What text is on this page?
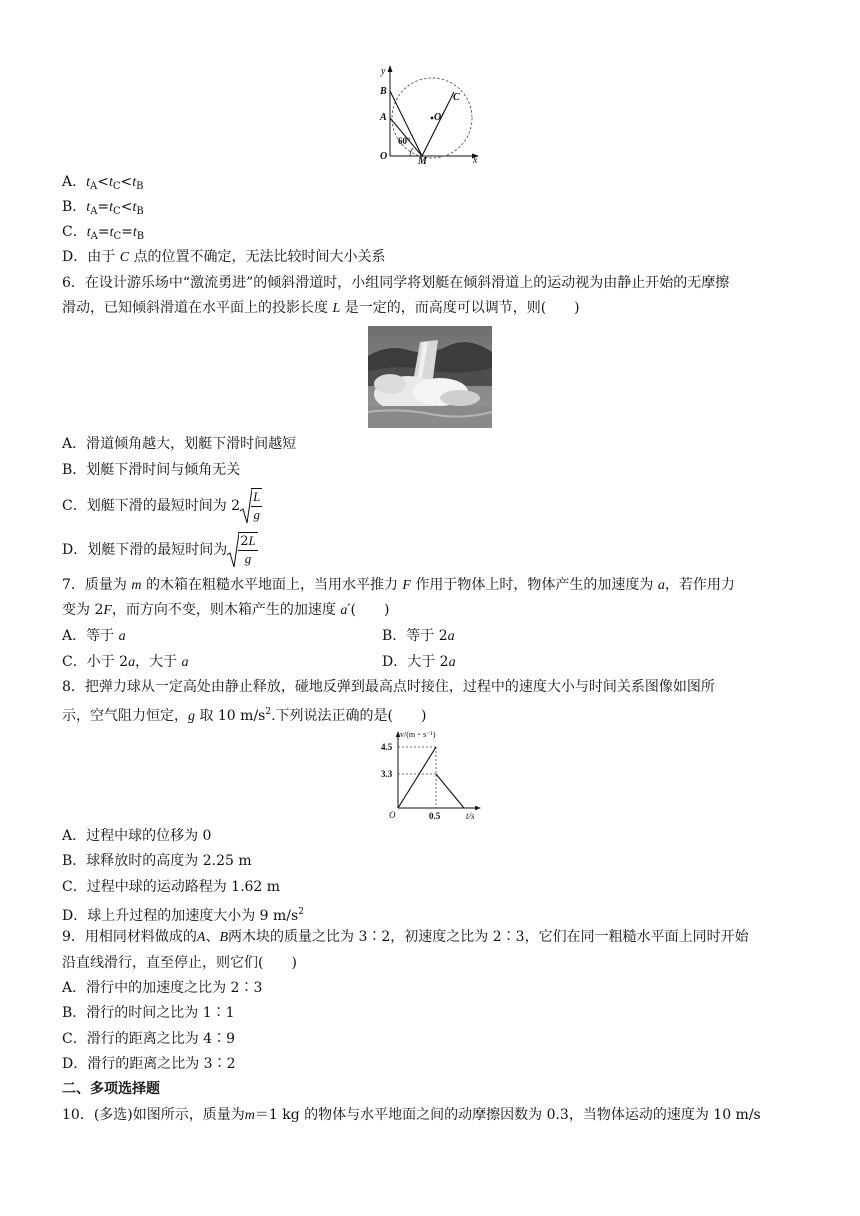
y
x
B
A
O	M
C
O′
60°
A．$t_A<t_C<t_B$
B．$t_A=t_C<t_B$
C．$t_A=t_C=t_B$
D．由于 C 点的位置不确定，无法比较时间大小关系
6．在设计游乐场中“激流勇进”的倾斜滑道时，小组同学将划艇在倾斜滑道上的运动视为由静止开始的无摩擦
滑动，已知倾斜滑道在水平面上的投影长度 L 是一定的，而高度可以调节，则(　　)
A．滑道倾角越大，划艇下滑时间越短
B．划艇下滑时间与倾角无关
C．划艇下滑的最短时间为 $2 \frac{L}{g}$
D．划艇下滑的最短时间为 $\frac{2L}{g}$
7．质量为 m 的木箱在粗糙水平地面上，当用水平推力 F 作用于物体上时，物体产生的加速度为 a，若作用力
变为 2F，而方向不变，则木箱产生的加速度 a′(　　)
A．等于 a	B．等于 2a
C．小于 2a，大于 a	D．大于 2a
8．把弹力球从一定高处由静止释放，碰地反弹到最高点时接住，过程中的速度大小与时间关系图像如图所
示，空气阻力恒定，g 取 10 $m/s^2$.下列说法正确的是(　　)
v/(m・s⁻¹)
t/s
4.5
3.3
0.5
O
A．过程中球的位移为 0
B．球释放时的高度为 2.25 m
C．过程中球的运动路程为 1.62 m
D．球上升过程的加速度大小为 9 $m/s^2$
9．用相同材料做成的A、B两木块的质量之比为 3∶2，初速度之比为 2∶3，它们在同一粗糙水平面上同时开始
沿直线滑行，直至停止，则它们(　　)
A．滑行中的加速度之比为 2∶3
B．滑行的时间之比为 1∶1
C．滑行的距离之比为 4∶9
D．滑行的距离之比为 3∶2
二、多项选择题
10．(多选)如图所示，质量为m＝1 kg 的物体与水平地面之间的动摩擦因数为 0.3，当物体运动的速度为 10 m/s
